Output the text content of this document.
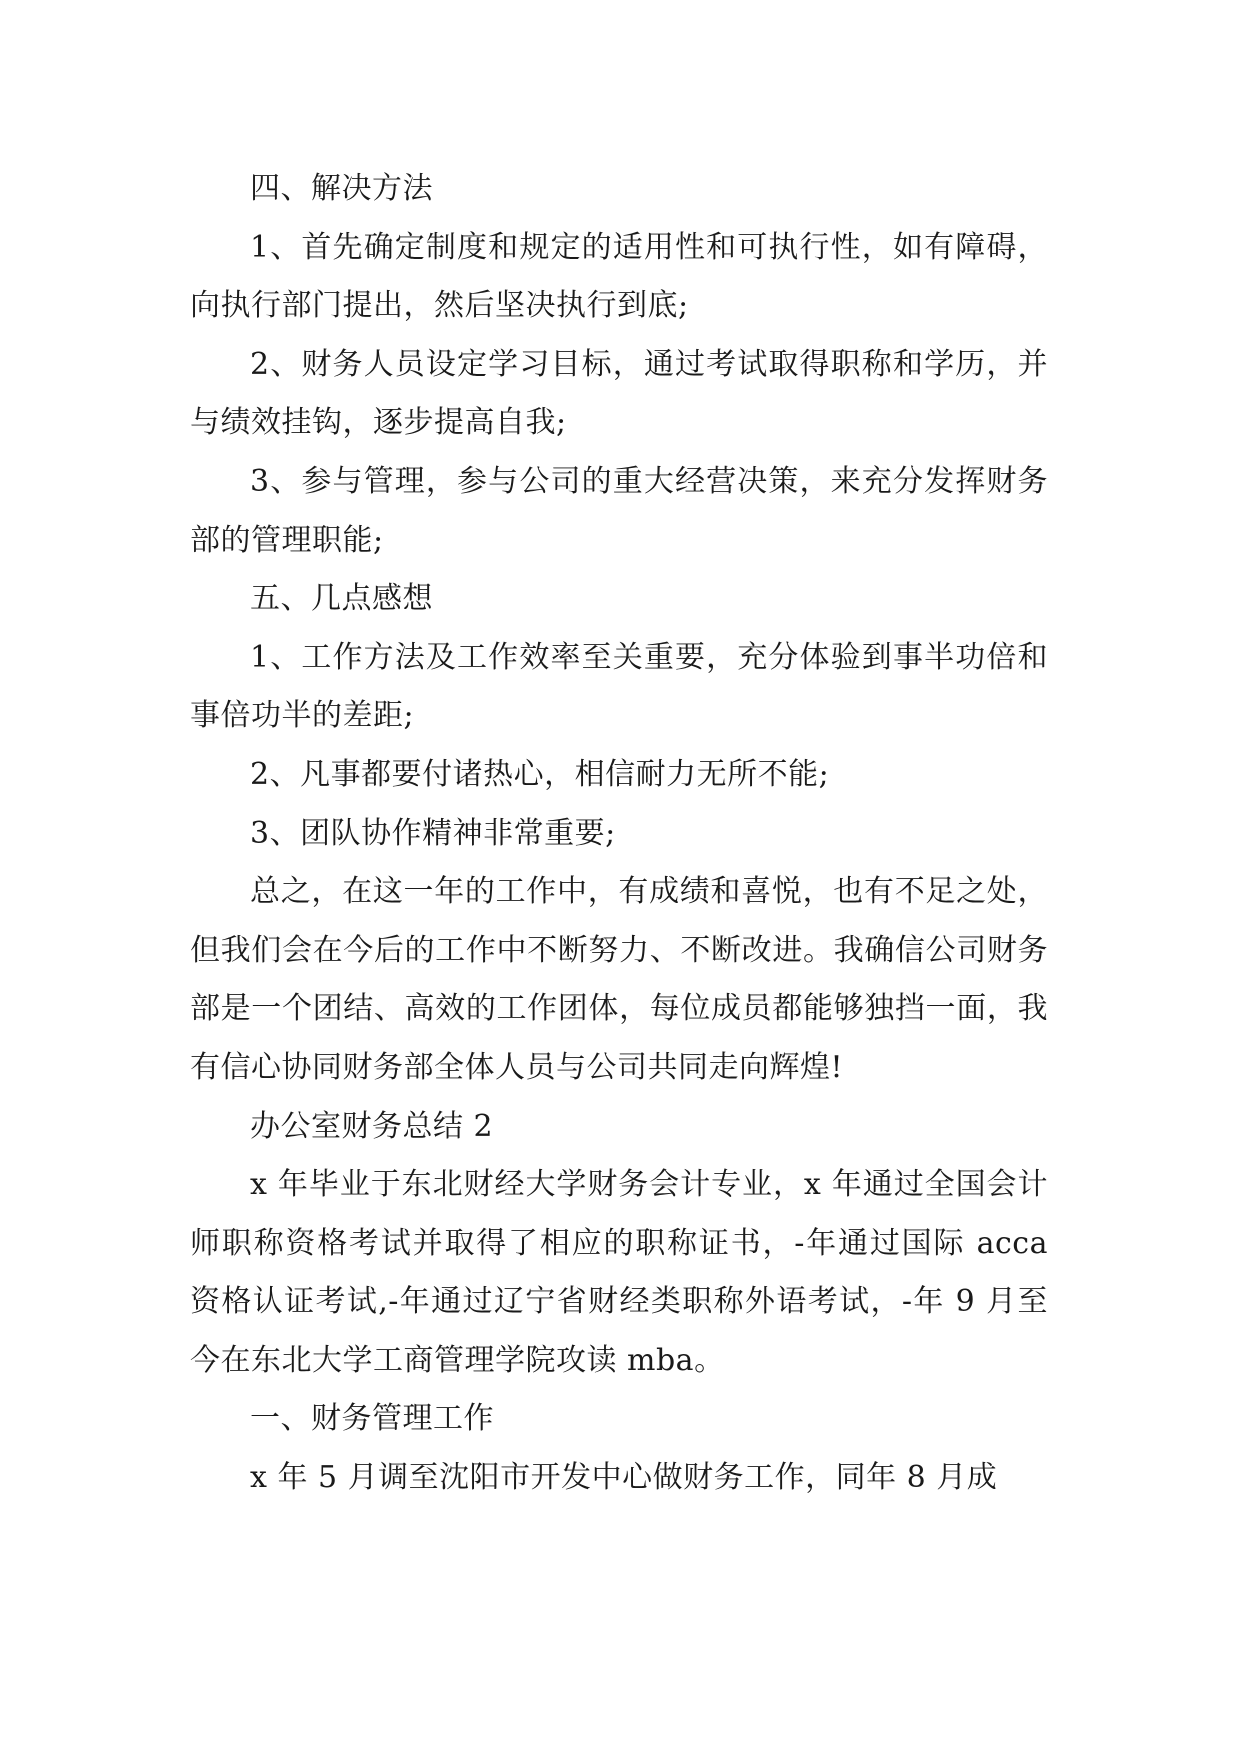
四、解决方法

1、首先确定制度和规定的适用性和可执行性，如有障碍，向执行部门提出，然后坚决执行到底;

2、财务人员设定学习目标，通过考试取得职称和学历，并与绩效挂钩，逐步提高自我;

3、参与管理，参与公司的重大经营决策，来充分发挥财务部的管理职能;

五、几点感想

1、工作方法及工作效率至关重要，充分体验到事半功倍和事倍功半的差距;

2、凡事都要付诸热心，相信耐力无所不能;

3、团队协作精神非常重要;

总之，在这一年的工作中，有成绩和喜悦，也有不足之处，但我们会在今后的工作中不断努力、不断改进。我确信公司财务部是一个团结、高效的工作团体，每位成员都能够独挡一面，我有信心协同财务部全体人员与公司共同走向辉煌!

办公室财务总结 2

x 年毕业于东北财经大学财务会计专业，x 年通过全国会计师职称资格考试并取得了相应的职称证书，-年通过国际 acca 资格认证考试,-年通过辽宁省财经类职称外语考试，-年 9 月至今在东北大学工商管理学院攻读 mba。

一、财务管理工作

x 年 5 月调至沈阳市开发中心做财务工作，同年 8 月成
